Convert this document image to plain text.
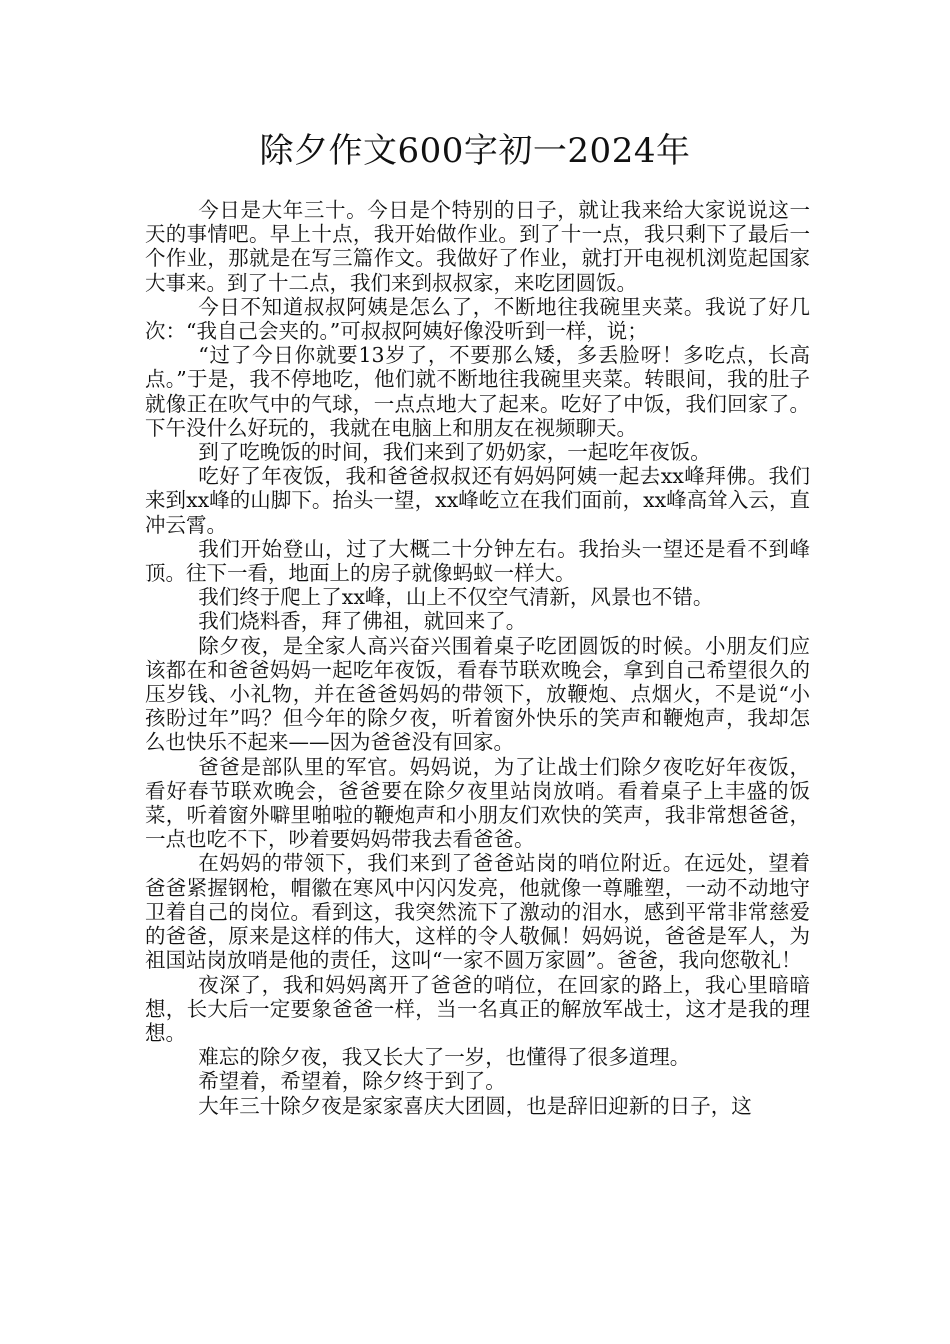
除夕作文600字初一2024年

今日是大年三十。今日是个特别的日子，就让我来给大家说说这一天的事情吧。早上十点，我开始做作业。到了十一点，我只剩下了最后一个作业，那就是在写三篇作文。我做好了作业，就打开电视机浏览起国家大事来。到了十二点，我们来到叔叔家，来吃团圆饭。

今日不知道叔叔阿姨是怎么了，不断地往我碗里夹菜。我说了好几次：“我自己会夹的。”可叔叔阿姨好像没听到一样，说；

“过了今日你就要13岁了，不要那么矮，多丢脸呀！多吃点，长高点。”于是，我不停地吃，他们就不断地往我碗里夹菜。转眼间，我的肚子就像正在吹气中的气球，一点点地大了起来。吃好了中饭，我们回家了。下午没什么好玩的，我就在电脑上和朋友在视频聊天。

到了吃晚饭的时间，我们来到了奶奶家，一起吃年夜饭。

吃好了年夜饭，我和爸爸叔叔还有妈妈阿姨一起去xx峰拜佛。我们来到xx峰的山脚下。抬头一望，xx峰屹立在我们面前，xx峰高耸入云，直冲云霄。

我们开始登山，过了大概二十分钟左右。我抬头一望还是看不到峰顶。往下一看，地面上的房子就像蚂蚁一样大。

我们终于爬上了xx峰，山上不仅空气清新，风景也不错。

我们烧料香，拜了佛祖，就回来了。

除夕夜，是全家人高兴奋兴围着桌子吃团圆饭的时候。小朋友们应该都在和爸爸妈妈一起吃年夜饭，看春节联欢晚会，拿到自己希望很久的压岁钱、小礼物，并在爸爸妈妈的带领下，放鞭炮、点烟火，不是说“小孩盼过年”吗？但今年的除夕夜，听着窗外快乐的笑声和鞭炮声，我却怎么也快乐不起来——因为爸爸没有回家。

爸爸是部队里的军官。妈妈说，为了让战士们除夕夜吃好年夜饭，看好春节联欢晚会，爸爸要在除夕夜里站岗放哨。看着桌子上丰盛的饭菜，听着窗外噼里啪啦的鞭炮声和小朋友们欢快的笑声，我非常想爸爸，一点也吃不下，吵着要妈妈带我去看爸爸。

在妈妈的带领下，我们来到了爸爸站岗的哨位附近。在远处，望着爸爸紧握钢枪，帽徽在寒风中闪闪发亮，他就像一尊雕塑，一动不动地守卫着自己的岗位。看到这，我突然流下了激动的泪水，感到平常非常慈爱的爸爸，原来是这样的伟大，这样的令人敬佩！妈妈说，爸爸是军人，为祖国站岗放哨是他的责任，这叫“一家不圆万家圆”。爸爸，我向您敬礼！

夜深了，我和妈妈离开了爸爸的哨位，在回家的路上，我心里暗暗想，长大后一定要象爸爸一样，当一名真正的解放军战士，这才是我的理想。

难忘的除夕夜，我又长大了一岁，也懂得了很多道理。

希望着，希望着，除夕终于到了。

大年三十除夕夜是家家喜庆大团圆，也是辞旧迎新的日子，这
